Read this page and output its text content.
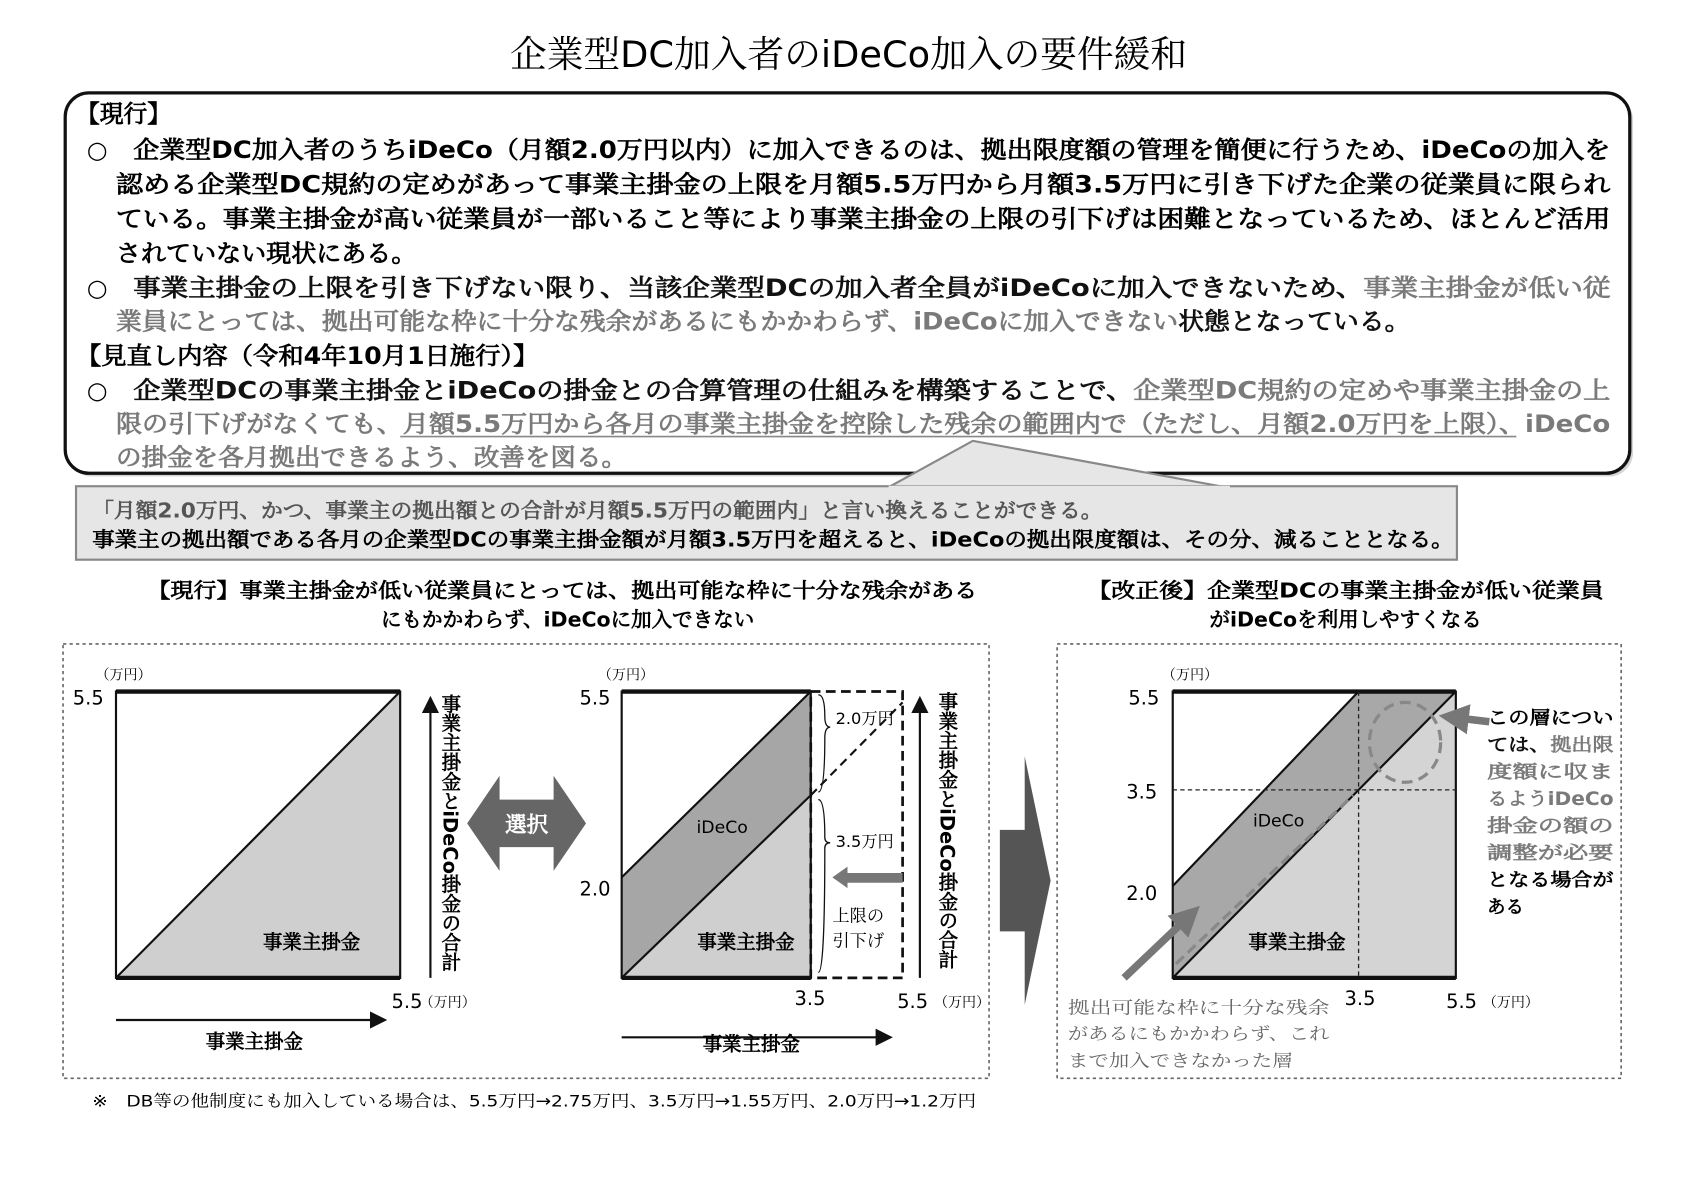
企業型DC加入者のiDeCo加入の要件緩和
【現行】
○ 企業型DC加入者のうちiDeCo（月額2.0万円以内）に加入できるのは、拠出限度額の管理を簡便に行うため、iDeCoの加入を
認める企業型DC規約の定めがあって事業主掛金の上限を月額5.5万円から月額3.5万円に引き下げた企業の従業員に限られ
ている。事業主掛金が高い従業員が一部いること等により事業主掛金の上限の引下げは困難となっているため、ほとんど活用
されていない現状にある。
○ 事業主掛金の上限を引き下げない限り、当該企業型DCの加入者全員がiDeCoに加入できないため、	事業主掛金が低い従
業員にとっては、拠出可能な枠に十分な残余があるにもかかわらず、iDeCoに加入できない	状態となっている。
【見直し内容（令和4年10月1日施行）】
○ 企業型DCの事業主掛金とiDeCoの掛金との合算管理の仕組みを構築することで、	企業型DC規約の定めや事業主掛金の上
限の引下げがなくても、 月額5.5万円から各月の事業主掛金を控除した残余の範囲内で（ただし、月額2.0万円を上限）	、iDeCo
の掛金を各月拠出できるよう、改善を図る。
「月額2.0万円、かつ、事業主の拠出額との合計が月額5.5万円の範囲内」と言い換えることができる。
事業主の拠出額である各月の企業型DCの事業主掛金額が月額3.5万円を超えると、iDeCoの拠出限度額は、その分、減ることとなる。
【現行】事業主掛金が低い従業員にとっては、拠出可能な枠に十分な残余がある
にもかかわらず、iDeCoに加入できない
【改正後】企業型DCの事業主掛金が低い従業員
がiDeCoを利用しやすくなる
（万円）
5.5
5.5
（万円）
事業主掛金	事業主掛金とiDeCo掛金の合計
事業主掛金
選択
2.0万円
3.5万円
上限の
引下げ
（万円）
5.5
2.0
3.5	5.5 （万円）
iDeCo
事業主掛金	事業主掛金とiDeCo掛金の合計
事業主掛金
（万円）
5.5
3.5
2.0
3.5	5.5 （万円）
iDeCo
事業主掛金
この層につい
ては、 拠出限
度額に収ま
るようiDeCo
掛金の額の
調整が必要
となる場合が
ある
拠出可能な枠に十分な残余
があるにもかかわらず、これ
まで加入できなかった層
※　DB等の他制度にも加入している場合は、5.5万円→2.75万円、3.5万円→1.55万円、2.0万円→1.2万円
